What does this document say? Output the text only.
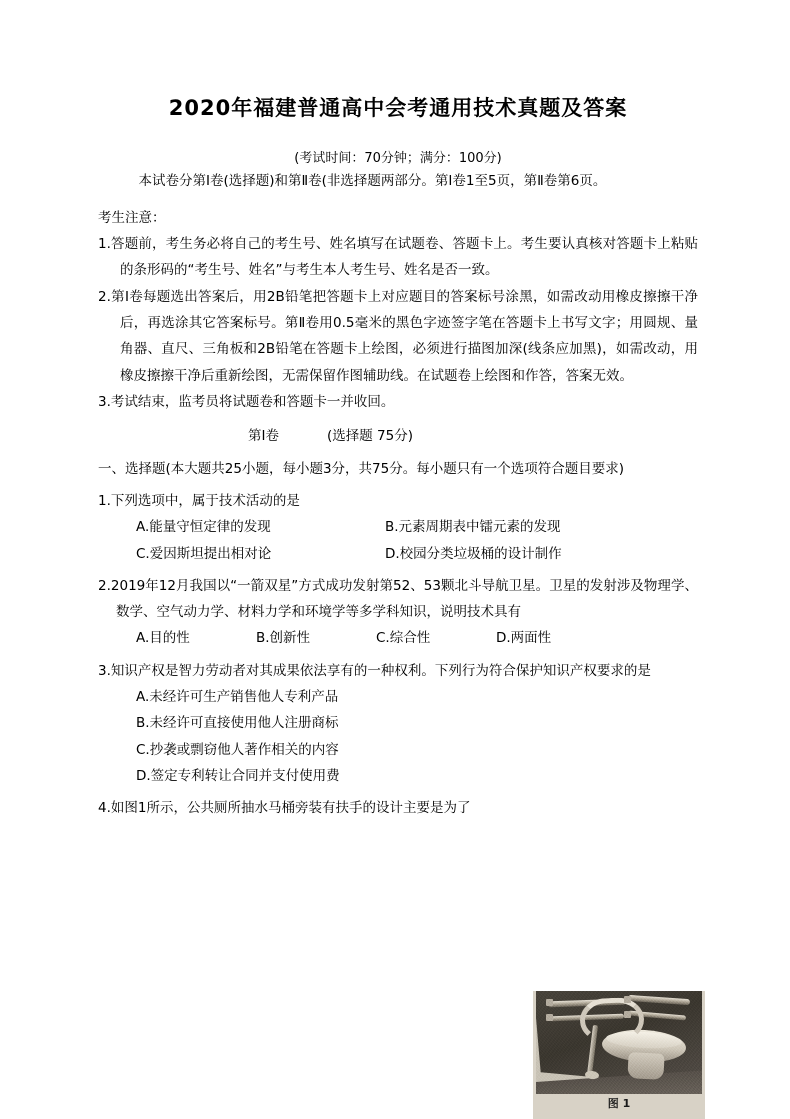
2020年福建普通高中会考通用技术真题及答案

(考试时间：70分钟；满分：100分)

本试卷分第Ⅰ卷(选择题)和第Ⅱ卷(非选择题两部分。第Ⅰ卷1至5页，第Ⅱ卷第6页。

考生注意：

1.答题前，考生务必将自己的考生号、姓名填写在试题卷、答题卡上。考生要认真核对答题卡上粘贴的条形码的“考生号、姓名”与考生本人考生号、姓名是否一致。

2.第Ⅰ卷每题选出答案后，用2B铅笔把答题卡上对应题目的答案标号涂黑，如需改动用橡皮擦擦干净后，再选涂其它答案标号。第Ⅱ卷用0.5毫米的黑色字迹签字笔在答题卡上书写文字；用圆规、量角器、直尺、三角板和2B铅笔在答题卡上绘图，必须进行描图加深(线条应加黑)，如需改动，用橡皮擦擦干净后重新绘图，无需保留作图辅助线。在试题卷上绘图和作答，答案无效。

3.考试结束，监考员将试题卷和答题卡一并收回。

第Ⅰ卷	(选择题 75分)

一、选择题(本大题共25小题，每小题3分，共75分。每小题只有一个选项符合题目要求)

1.下列选项中，属于技术活动的是

A.能量守恒定律的发现	B.元素周期表中镭元素的发现
C.爱因斯坦提出相对论	D.校园分类垃圾桶的设计制作

2.2019年12月我国以“一箭双星”方式成功发射第52、53颗北斗导航卫星。卫星的发射涉及物理学、数学、空气动力学、材料力学和环境学等多学科知识，说明技术具有

A.目的性	B.创新性	C.综合性	D.两面性

3.知识产权是智力劳动者对其成果依法享有的一种权利。下列行为符合保护知识产权要求的是

A.未经许可生产销售他人专利产品

B.未经许可直接使用他人注册商标

C.抄袭或剽窃他人著作相关的内容

D.签定专利转让合同并支付使用费

4.如图1所示，公共厕所抽水马桶旁装有扶手的设计主要是为了

图 1
